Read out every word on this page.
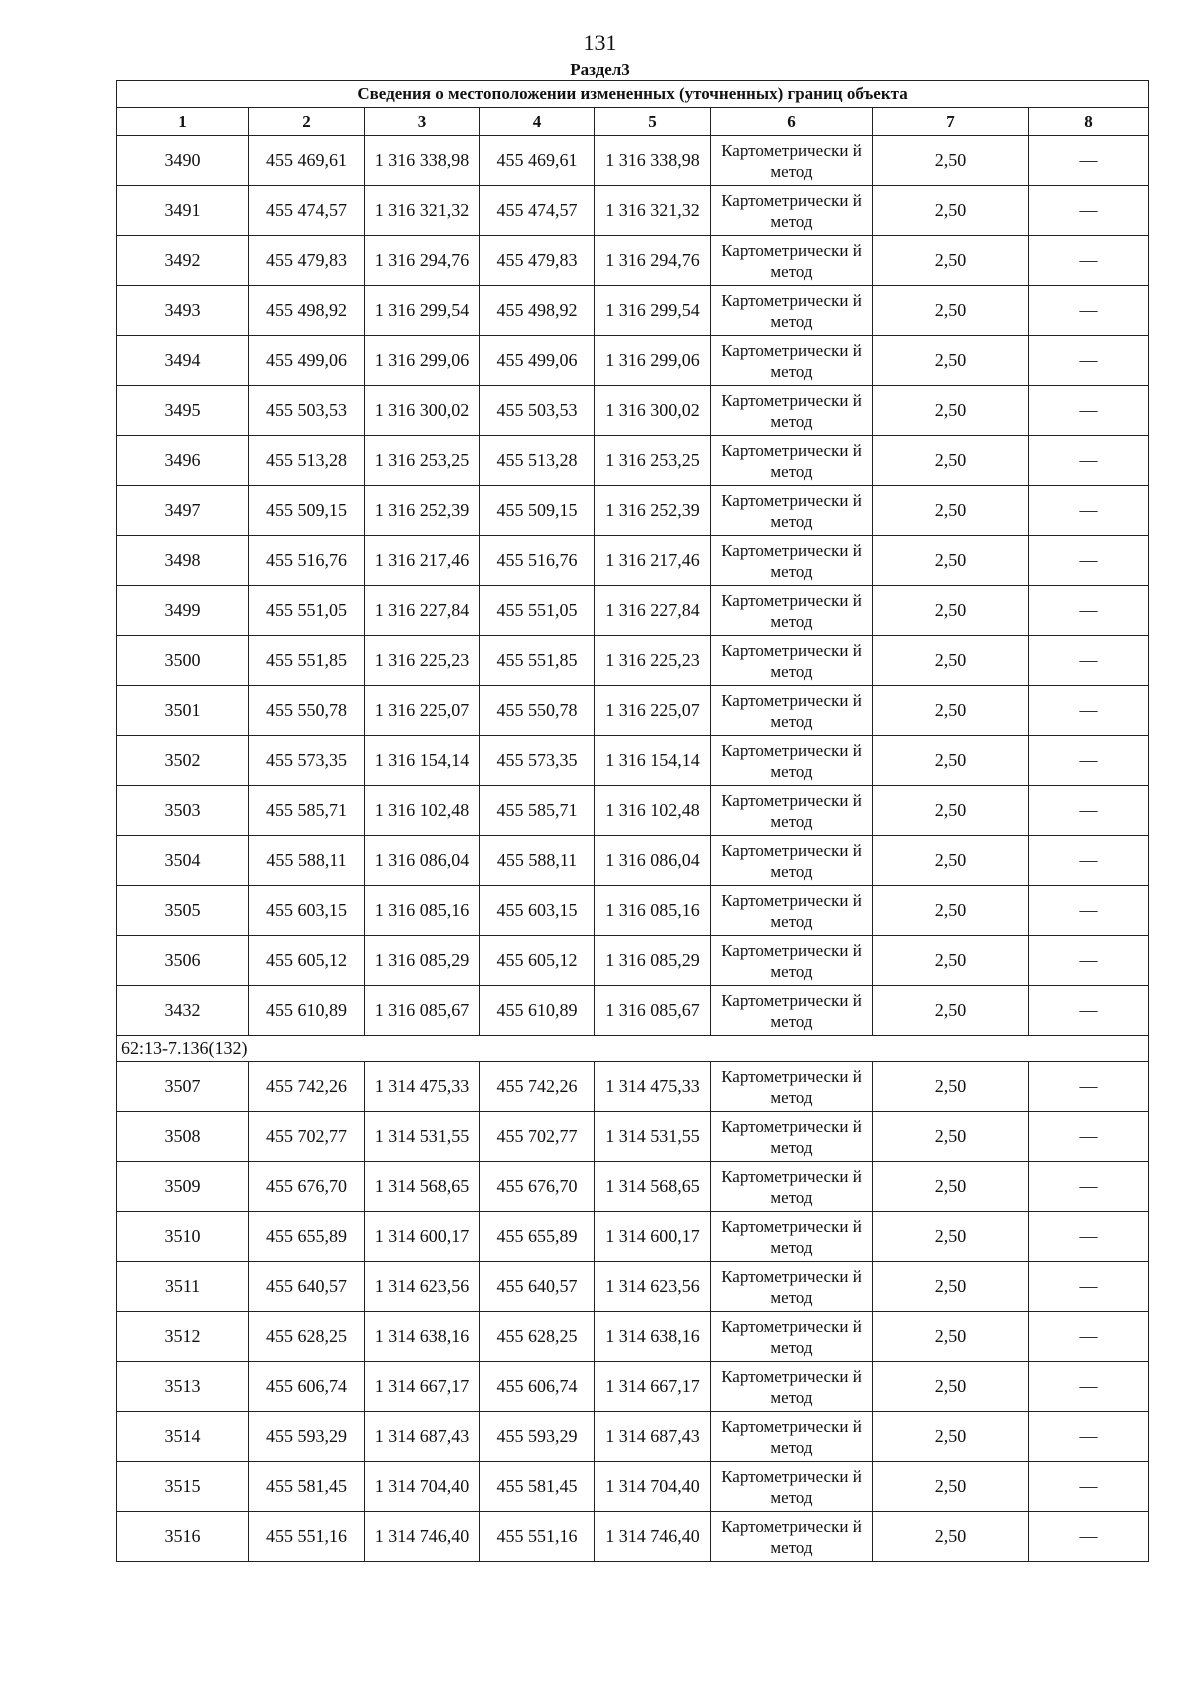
131
Раздел3
Сведения о местоположении измененных (уточненных) границ объекта							
1	2	3	4	5	6	7	8
3490	455 469,61	1 316 338,98	455 469,61	1 316 338,98	Картометрически й метод	2,50	—
3491	455 474,57	1 316 321,32	455 474,57	1 316 321,32	Картометрически й метод	2,50	—
3492	455 479,83	1 316 294,76	455 479,83	1 316 294,76	Картометрически й метод	2,50	—
3493	455 498,92	1 316 299,54	455 498,92	1 316 299,54	Картометрически й метод	2,50	—
3494	455 499,06	1 316 299,06	455 499,06	1 316 299,06	Картометрически й метод	2,50	—
3495	455 503,53	1 316 300,02	455 503,53	1 316 300,02	Картометрически й метод	2,50	—
3496	455 513,28	1 316 253,25	455 513,28	1 316 253,25	Картометрически й метод	2,50	—
3497	455 509,15	1 316 252,39	455 509,15	1 316 252,39	Картометрически й метод	2,50	—
3498	455 516,76	1 316 217,46	455 516,76	1 316 217,46	Картометрически й метод	2,50	—
3499	455 551,05	1 316 227,84	455 551,05	1 316 227,84	Картометрически й метод	2,50	—
3500	455 551,85	1 316 225,23	455 551,85	1 316 225,23	Картометрически й метод	2,50	—
3501	455 550,78	1 316 225,07	455 550,78	1 316 225,07	Картометрически й метод	2,50	—
3502	455 573,35	1 316 154,14	455 573,35	1 316 154,14	Картометрически й метод	2,50	—
3503	455 585,71	1 316 102,48	455 585,71	1 316 102,48	Картометрически й метод	2,50	—
3504	455 588,11	1 316 086,04	455 588,11	1 316 086,04	Картометрически й метод	2,50	—
3505	455 603,15	1 316 085,16	455 603,15	1 316 085,16	Картометрически й метод	2,50	—
3506	455 605,12	1 316 085,29	455 605,12	1 316 085,29	Картометрически й метод	2,50	—
3432	455 610,89	1 316 085,67	455 610,89	1 316 085,67	Картометрически й метод	2,50	—
62:13-7.136(132)							
3507	455 742,26	1 314 475,33	455 742,26	1 314 475,33	Картометрически й метод	2,50	—
3508	455 702,77	1 314 531,55	455 702,77	1 314 531,55	Картометрически й метод	2,50	—
3509	455 676,70	1 314 568,65	455 676,70	1 314 568,65	Картометрически й метод	2,50	—
3510	455 655,89	1 314 600,17	455 655,89	1 314 600,17	Картометрически й метод	2,50	—
3511	455 640,57	1 314 623,56	455 640,57	1 314 623,56	Картометрически й метод	2,50	—
3512	455 628,25	1 314 638,16	455 628,25	1 314 638,16	Картометрически й метод	2,50	—
3513	455 606,74	1 314 667,17	455 606,74	1 314 667,17	Картометрически й метод	2,50	—
3514	455 593,29	1 314 687,43	455 593,29	1 314 687,43	Картометрически й метод	2,50	—
3515	455 581,45	1 314 704,40	455 581,45	1 314 704,40	Картометрически й метод	2,50	—
3516	455 551,16	1 314 746,40	455 551,16	1 314 746,40	Картометрически й метод	2,50	—
